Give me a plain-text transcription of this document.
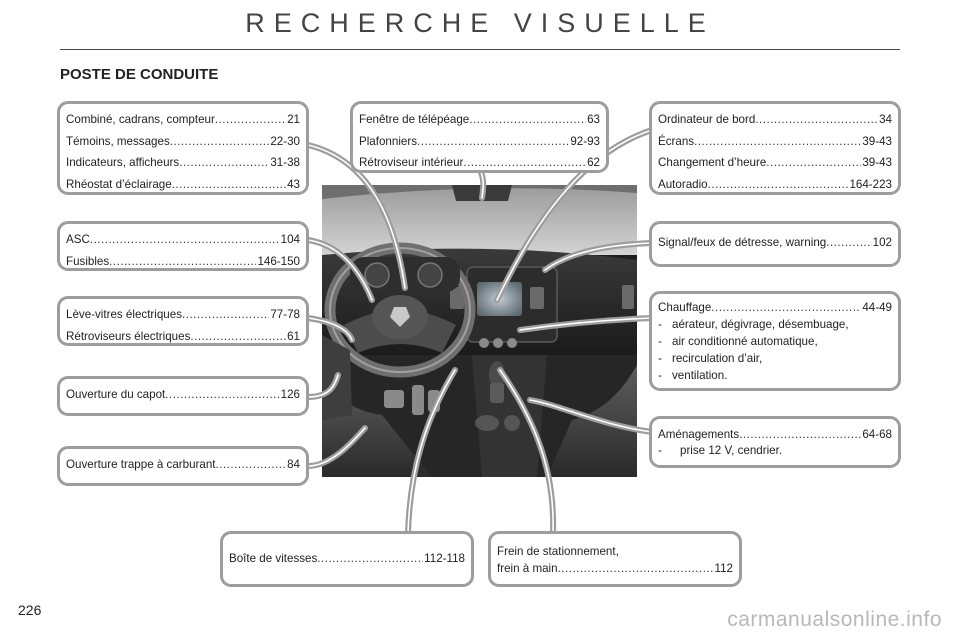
RECHERCHE VISUELLE
POSTE DE CONDUITE
Combiné, cadrans, compteur .....	21
Témoins, messages .....	22-30
Indicateurs, afficheurs .....	31-38
Rhéostat d’éclairage .....	43
ASC .....	104
Fusibles .....	146-150
Lève-vitres électriques .....	77-78
Rétroviseurs électriques .....	61
Ouverture du capot .....	126
Ouverture trappe à carburant .....	84
Fenêtre de télépéage .....	63
Plafonniers .....	92-93
Rétroviseur intérieur .....	62
Ordinateur de bord .....	34
Écrans .....	39-43
Changement d’heure .....	39-43
Autoradio .....	164-223
Signal/feux de détresse, warning .....	102
Chauffage .....	44-49
- aérateur, dégivrage, désembuage,
- air conditionné automatique,
- recirculation d’air,
- ventilation.
Aménagements .....	64-68
-	prise 12 V, cendrier.
Boîte de vitesses .....	112-118
Frein de stationnement,
frein à main .....	112
226	carmanualsonline.info
